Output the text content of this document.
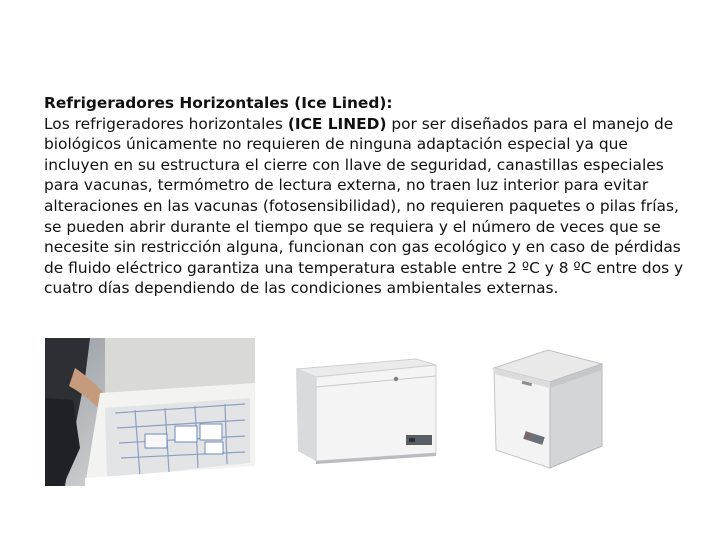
Refrigeradores Horizontales (Ice Lined):
Los refrigeradores horizontales (ICE LINED) por ser diseñados para el manejo de biológicos únicamente no requieren de ninguna adaptación especial ya que incluyen en su estructura el cierre con llave de seguridad, canastillas especiales para vacunas, termómetro de lectura externa, no traen luz interior para evitar alteraciones en las vacunas (fotosensibilidad), no requieren paquetes o pilas frías, se pueden abrir durante el tiempo que se requiera y el número de veces que se necesite sin restricción alguna, funcionan con gas ecológico y en caso de pérdidas de fluido eléctrico garantiza una temperatura estable entre 2 ºC y 8 ºC entre dos y cuatro días dependiendo de las condiciones ambientales externas.
